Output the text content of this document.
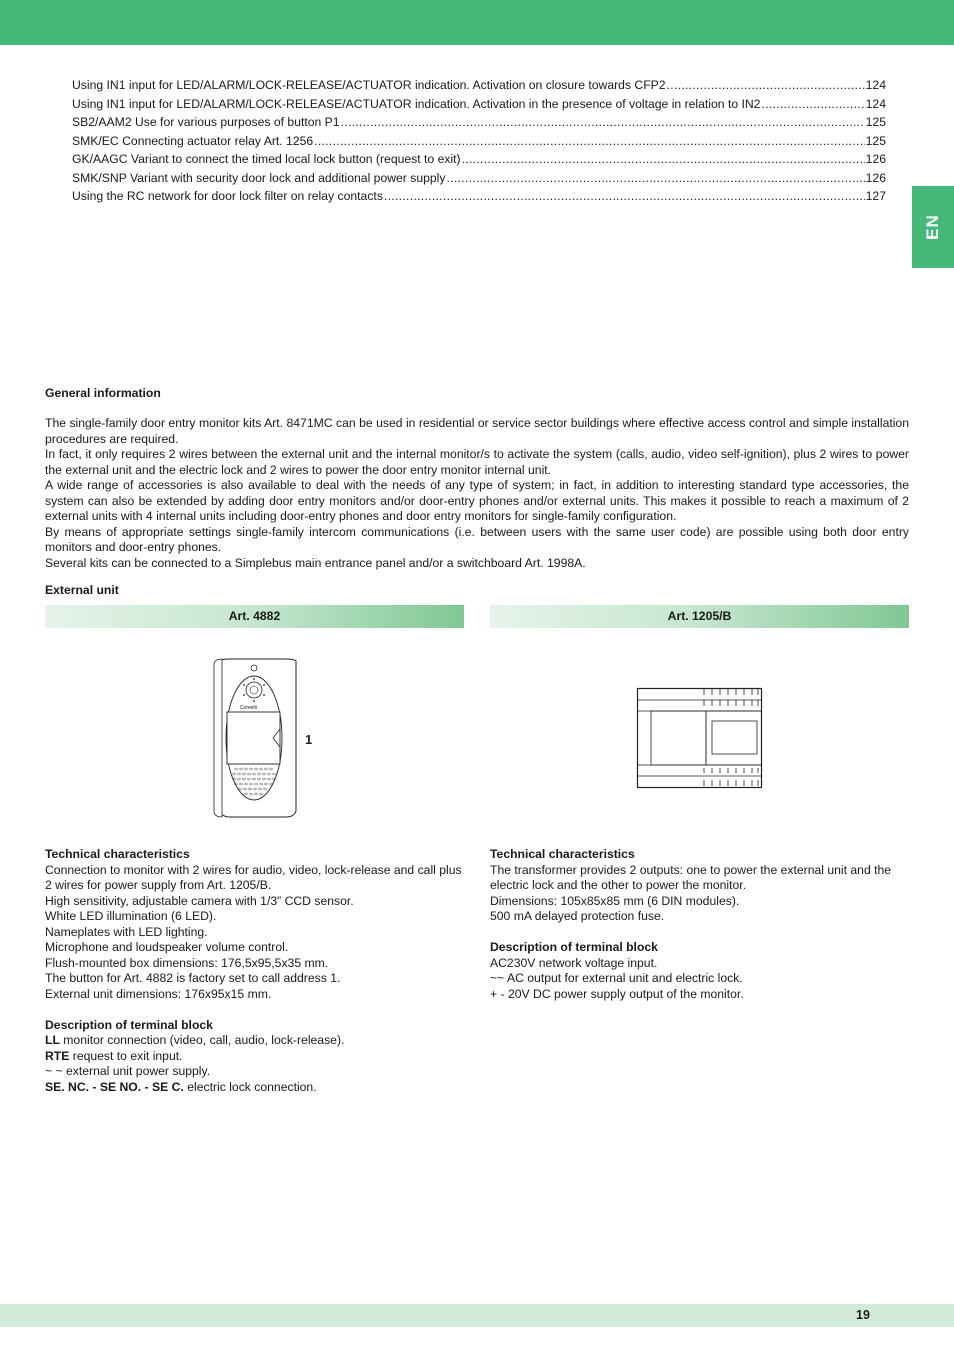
EN
Using IN1 input for LED/ALARM/LOCK-RELEASE/ACTUATOR indication. Activation on closure towards CFP2 .....	124
Using IN1 input for LED/ALARM/LOCK-RELEASE/ACTUATOR indication. Activation in the presence of voltage in relation to IN2 .....	124
SB2/AAM2 Use for various purposes of button P1 .....	125
SMK/EC Connecting actuator relay Art. 1256 .....	125
GK/AAGC Variant to connect the timed local lock button (request to exit) .....	126
SMK/SNP Variant with security door lock and additional power supply .....	126
Using the RC network for door lock filter on relay contacts .....	127
General information

The single-family door entry monitor kits Art. 8471MC can be used in residential or service sector buildings where effective access control and simple installation procedures are required.

In fact, it only requires 2 wires between the external unit and the internal monitor/s to activate the system (calls, audio, video self-ignition), plus 2 wires to power the external unit and the electric lock and 2 wires to power the door entry monitor internal unit.

A wide range of accessories is also available to deal with the needs of any type of system; in fact, in addition to interesting standard type accessories, the system can also be extended by adding door entry monitors and/or door-entry phones and/or external units. This makes it possible to reach a maximum of 2 external units with 4 internal units including door-entry phones and door entry monitors for single-family configuration.

By means of appropriate settings single-family intercom communications (i.e. between users with the same user code) are possible using both door entry monitors and door-entry phones.

Several kits can be connected to a Simplebus main entrance panel and/or a switchboard Art. 1998A.

External unit
Art. 4882	Art. 1205/B
Comelit
1

Technical characteristics

Connection to monitor with 2 wires for audio, video, lock-release and call plus 2 wires for power supply from Art. 1205/B.

High sensitivity, adjustable camera with 1/3” CCD sensor.

White LED illumination (6 LED).

Nameplates with LED lighting.

Microphone and loudspeaker volume control.

Flush-mounted box dimensions: 176,5x95,5x35 mm.

The button for Art. 4882 is factory set to call address 1.

External unit dimensions: 176x95x15 mm.

Description of terminal block

LL monitor connection (video, call, audio, lock-release).

RTE request to exit input.

~ ~ external unit power supply.

SE. NC. - SE NO. - SE C. electric lock connection.

Technical characteristics

The transformer provides 2 outputs: one to power the external unit and the electric lock and the other to power the monitor.

Dimensions: 105x85x85 mm (6 DIN modules).

500 mA delayed protection fuse.

Description of terminal block

AC230V network voltage input.

~~ AC output for external unit and electric lock.

+ - 20V DC power supply output of the monitor.

19
